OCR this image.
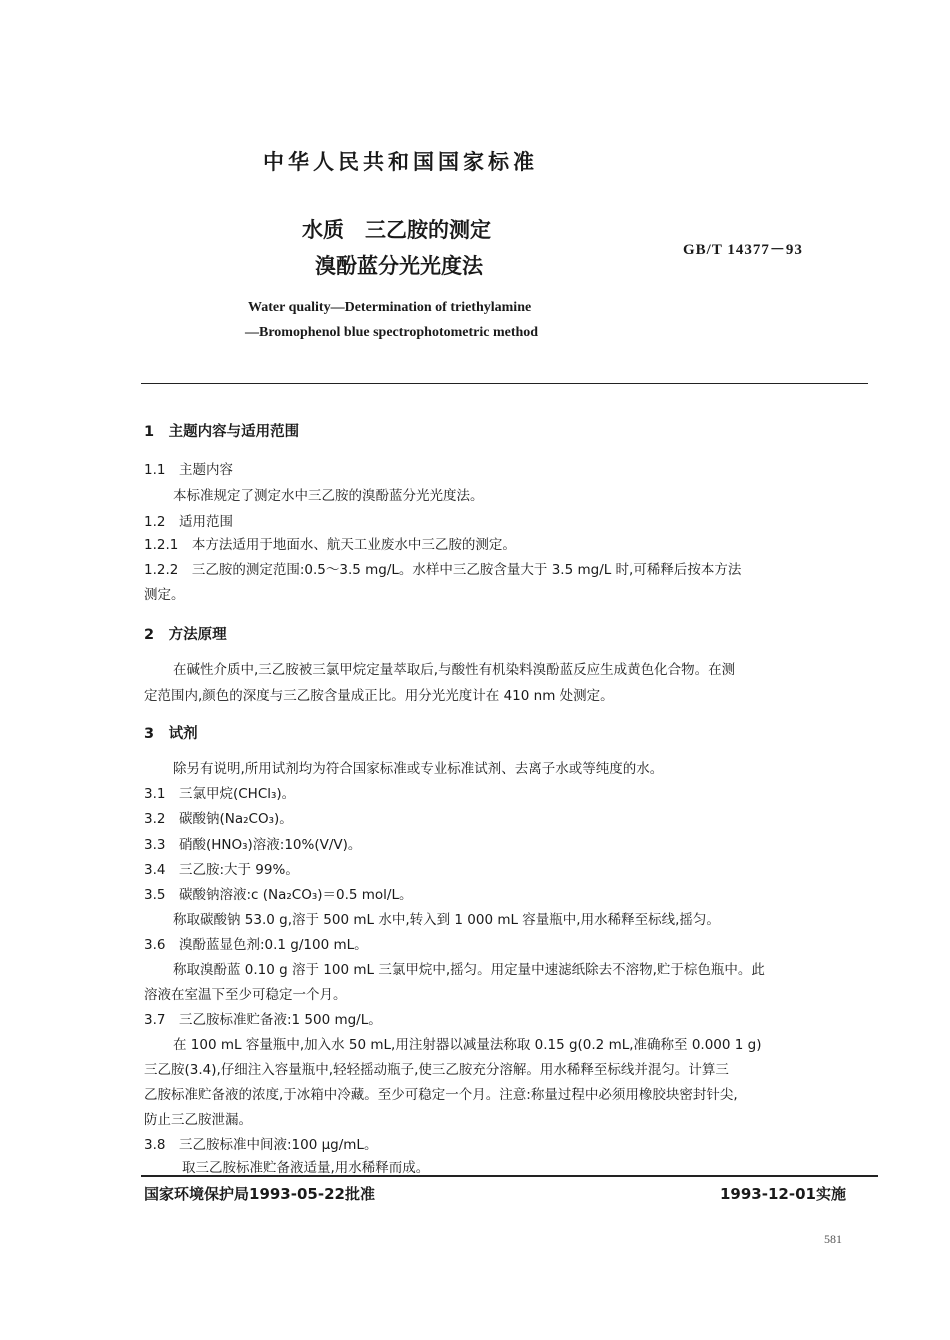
中华人民共和国国家标准
水质　三乙胺的测定
溴酚蓝分光光度法
GB/T 14377－93
Water quality—Determination of triethylamine
—Bromophenol blue spectrophotometric method
1　主题内容与适用范围
1.1　主题内容
本标准规定了测定水中三乙胺的溴酚蓝分光光度法。
1.2　适用范围
1.2.1　本方法适用于地面水、航天工业废水中三乙胺的测定。
1.2.2　三乙胺的测定范围:0.5～3.5 mg/L。水样中三乙胺含量大于 3.5 mg/L 时,可稀释后按本方法
测定。
2　方法原理
在碱性介质中,三乙胺被三氯甲烷定量萃取后,与酸性有机染料溴酚蓝反应生成黄色化合物。在测
定范围内,颜色的深度与三乙胺含量成正比。用分光光度计在 410 nm 处测定。
3　试剂
除另有说明,所用试剂均为符合国家标准或专业标准试剂、去离子水或等纯度的水。
3.1　三氯甲烷(CHCl₃)。
3.2　碳酸钠(Na₂CO₃)。
3.3　硝酸(HNO₃)溶液:10%(V/V)。
3.4　三乙胺:大于 99%。
3.5　碳酸钠溶液:c (Na₂CO₃)＝0.5 mol/L。
称取碳酸钠 53.0 g,溶于 500 mL 水中,转入到 1 000 mL 容量瓶中,用水稀释至标线,摇匀。
3.6　溴酚蓝显色剂:0.1 g/100 mL。
称取溴酚蓝 0.10 g 溶于 100 mL 三氯甲烷中,摇匀。用定量中速滤纸除去不溶物,贮于棕色瓶中。此
溶液在室温下至少可稳定一个月。
3.7　三乙胺标准贮备液:1 500 mg/L。
在 100 mL 容量瓶中,加入水 50 mL,用注射器以减量法称取 0.15 g(0.2 mL,准确称至 0.000 1 g)
三乙胺(3.4),仔细注入容量瓶中,轻轻摇动瓶子,使三乙胺充分溶解。用水稀释至标线并混匀。计算三
乙胺标准贮备液的浓度,于冰箱中冷藏。至少可稳定一个月。注意:称量过程中必须用橡胶块密封针尖,
防止三乙胺泄漏。
3.8　三乙胺标准中间液:100 μg/mL。
取三乙胺标准贮备液适量,用水稀释而成。
国家环境保护局1993-05-22批准	1993-12-01实施
581
